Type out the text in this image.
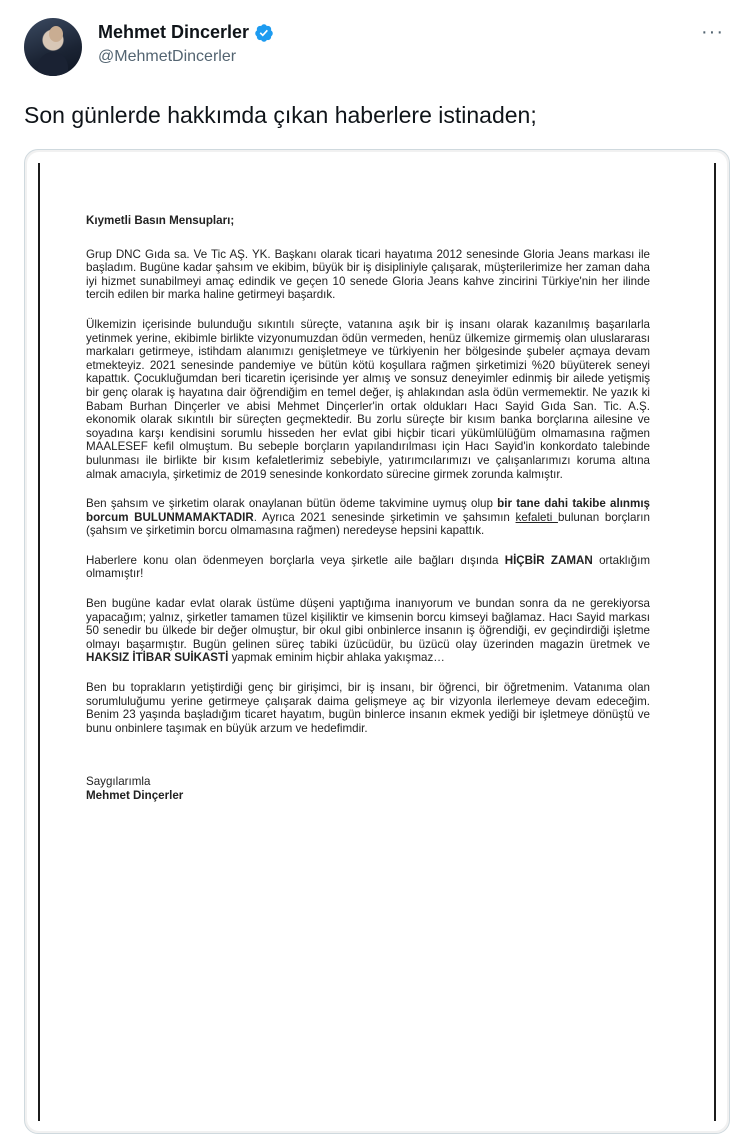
Mehmet Dincerler
@MehmetDincerler
···
Son günlerde hakkımda çıkan haberlere istinaden;
Kıymetli Basın Mensupları;
Grup DNC Gıda sa. Ve Tic AŞ. YK. Başkanı olarak ticari hayatıma 2012 senesinde Gloria Jeans markası ile başladım. Bugüne kadar şahsım ve ekibim, büyük bir iş disipliniyle çalışarak, müşterilerimize her zaman daha iyi hizmet sunabilmeyi amaç edindik ve geçen 10 senede Gloria Jeans kahve zincirini Türkiye'nin her ilinde tercih edilen bir marka haline getirmeyi başardık.
Ülkemizin içerisinde bulunduğu sıkıntılı süreçte, vatanına aşık bir iş insanı olarak kazanılmış başarılarla yetinmek yerine, ekibimle birlikte vizyonumuzdan ödün vermeden, henüz ülkemize girmemiş olan uluslararası markaları getirmeye, istihdam alanımızı genişletmeye ve türkiyenin her bölgesinde şubeler açmaya devam etmekteyiz. 2021 senesinde pandemiye ve bütün kötü koşullara rağmen şirketimizi %20 büyüterek seneyi kapattık. Çocukluğumdan beri ticaretin içerisinde yer almış ve sonsuz deneyimler edinmiş bir ailede yetişmiş bir genç olarak iş hayatına dair öğrendiğim en temel değer, iş ahlakından asla ödün vermemektir. Ne yazık ki Babam Burhan Dinçerler ve abisi Mehmet Dinçerler'in ortak oldukları Hacı Sayid Gıda San. Tic. A.Ş. ekonomik olarak sıkıntılı bir süreçten geçmektedir. Bu zorlu süreçte bir kısım banka borçlarına ailesine ve soyadına karşı kendisini sorumlu hisseden her evlat gibi hiçbir ticari yükümlülüğüm olmamasına rağmen MAALESEF kefil olmuştum. Bu sebeple borçların yapılandırılması için Hacı Sayid'in konkordato talebinde bulunması ile birlikte bir kısım kefaletlerimiz sebebiyle, yatırımcılarımızı ve çalışanlarımızı koruma altına almak amacıyla, şirketimiz de 2019 senesinde konkordato sürecine girmek zorunda kalmıştır.
Ben şahsım ve şirketim olarak onaylanan bütün ödeme takvimine uymuş olup bir tane dahi takibe alınmış borcum BULUNMAMAKTADIR. Ayrıca 2021 senesinde şirketimin ve şahsımın kefaleti bulunan borçların (şahsım ve şirketimin borcu olmamasına rağmen) neredeyse hepsini kapattık.
Haberlere konu olan ödenmeyen borçlarla veya şirketle aile bağları dışında HİÇBİR ZAMAN ortaklığım olmamıştır!
Ben bugüne kadar evlat olarak üstüme düşeni yaptığıma inanıyorum ve bundan sonra da ne gerekiyorsa yapacağım; yalnız, şirketler tamamen tüzel kişiliktir ve kimsenin borcu kimseyi bağlamaz. Hacı Sayid markası 50 senedir bu ülkede bir değer olmuştur, bir okul gibi onbinlerce insanın iş öğrendiği, ev geçindirdiği işletme olmayı başarmıştır. Bugün gelinen süreç tabiki üzücüdür, bu üzücü olay üzerinden magazin üretmek ve HAKSIZ İTİBAR SUİKASTİ yapmak eminim hiçbir ahlaka yakışmaz…
Ben bu toprakların yetiştirdiği genç bir girişimci, bir iş insanı, bir öğrenci, bir öğretmenim. Vatanıma olan sorumluluğumu yerine getirmeye çalışarak daima gelişmeye aç bir vizyonla ilerlemeye devam edeceğim. Benim 23 yaşında başladığım ticaret hayatım, bugün binlerce insanın ekmek yediği bir işletmeye dönüştü ve bunu onbinlere taşımak en büyük arzum ve hedefimdir.
Saygılarımla
Mehmet Dinçerler
